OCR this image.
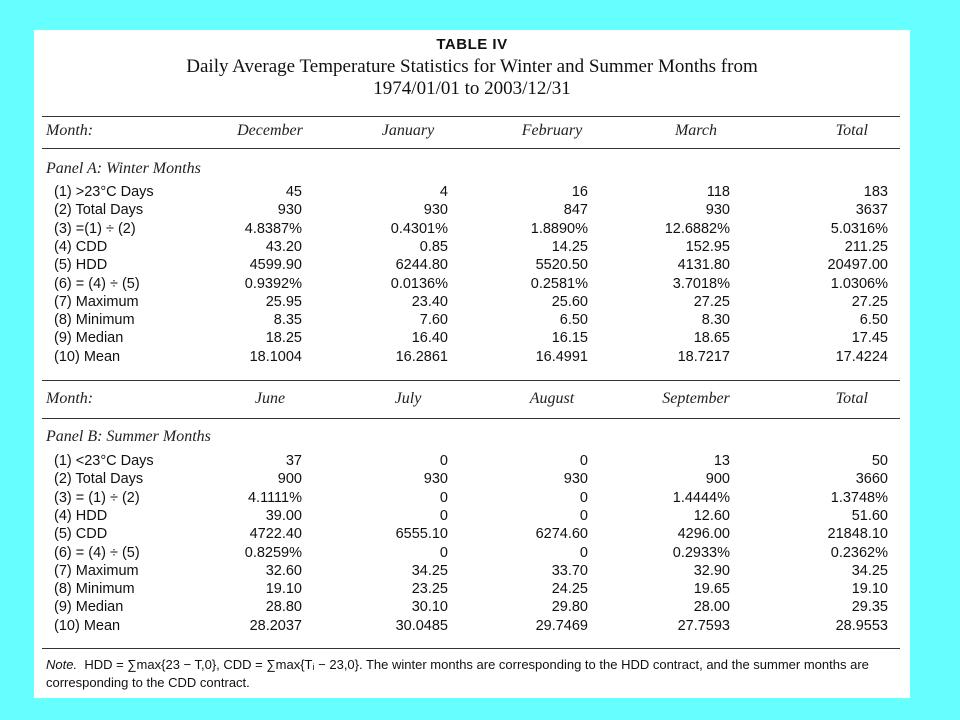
TABLE IV
Daily Average Temperature Statistics for Winter and Summer Months from
1974/01/01 to 2003/12/31
Month:	December	January	February	March	Total
Panel A: Winter Months
(1) >23°C Days	45	4	16	118	183
(2) Total Days	930	930	847	930	3637
(3) =(1) ÷ (2)	4.8387%	0.4301%	1.8890%	12.6882%	5.0316%
(4) CDD	43.20	0.85	14.25	152.95	211.25
(5) HDD	4599.90	6244.80	5520.50	4131.80	20497.00
(6) = (4) ÷ (5)	0.9392%	0.0136%	0.2581%	3.7018%	1.0306%
(7) Maximum	25.95	23.40	25.60	27.25	27.25
(8) Minimum	8.35	7.60	6.50	8.30	6.50
(9) Median	18.25	16.40	16.15	18.65	17.45
(10) Mean	18.1004	16.2861	16.4991	18.7217	17.4224
Month:	June	July	August	September	Total
Panel B: Summer Months
(1) <23°C Days	37	0	0	13	50
(2) Total Days	900	930	930	900	3660
(3) = (1) ÷ (2)	4.1111%	0	0	1.4444%	1.3748%
(4) HDD	39.00	0	0	12.60	51.60
(5) CDD	4722.40	6555.10	6274.60	4296.00	21848.10
(6) = (4) ÷ (5)	0.8259%	0	0	0.2933%	0.2362%
(7) Maximum	32.60	34.25	33.70	32.90	34.25
(8) Minimum	19.10	23.25	24.25	19.65	19.10
(9) Median	28.80	30.10	29.80	28.00	29.35
(10) Mean	28.2037	30.0485	29.7469	27.7593	28.9553
Note. HDD = ∑max{23 − T,0}, CDD = ∑max{Tᵢ − 23,0}. The winter months are corresponding to the HDD contract, and the summer months are corresponding to the CDD contract.
